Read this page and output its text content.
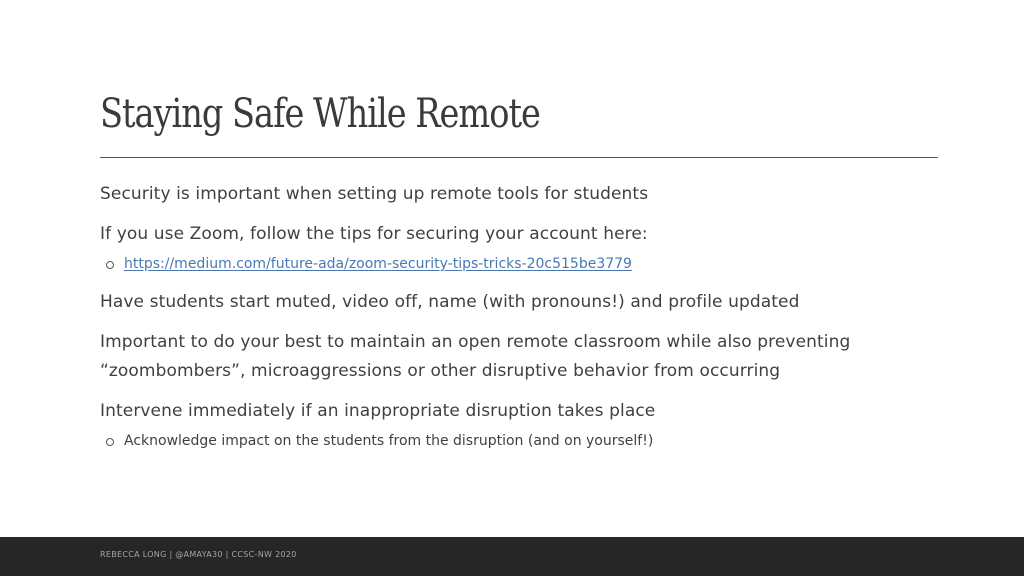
Staying Safe While Remote
Security is important when setting up remote tools for students
If you use Zoom, follow the tips for securing your account here:
https://medium.com/future-ada/zoom-security-tips-tricks-20c515be3779
Have students start muted, video off, name (with pronouns!) and profile updated
Important to do your best to maintain an open remote classroom while also preventing “zoombombers”, microaggressions or other disruptive behavior from occurring
Intervene immediately if an inappropriate disruption takes place
Acknowledge impact on the students from the disruption (and on yourself!)
REBECCA LONG | @AMAYA30 | CCSC-NW 2020
